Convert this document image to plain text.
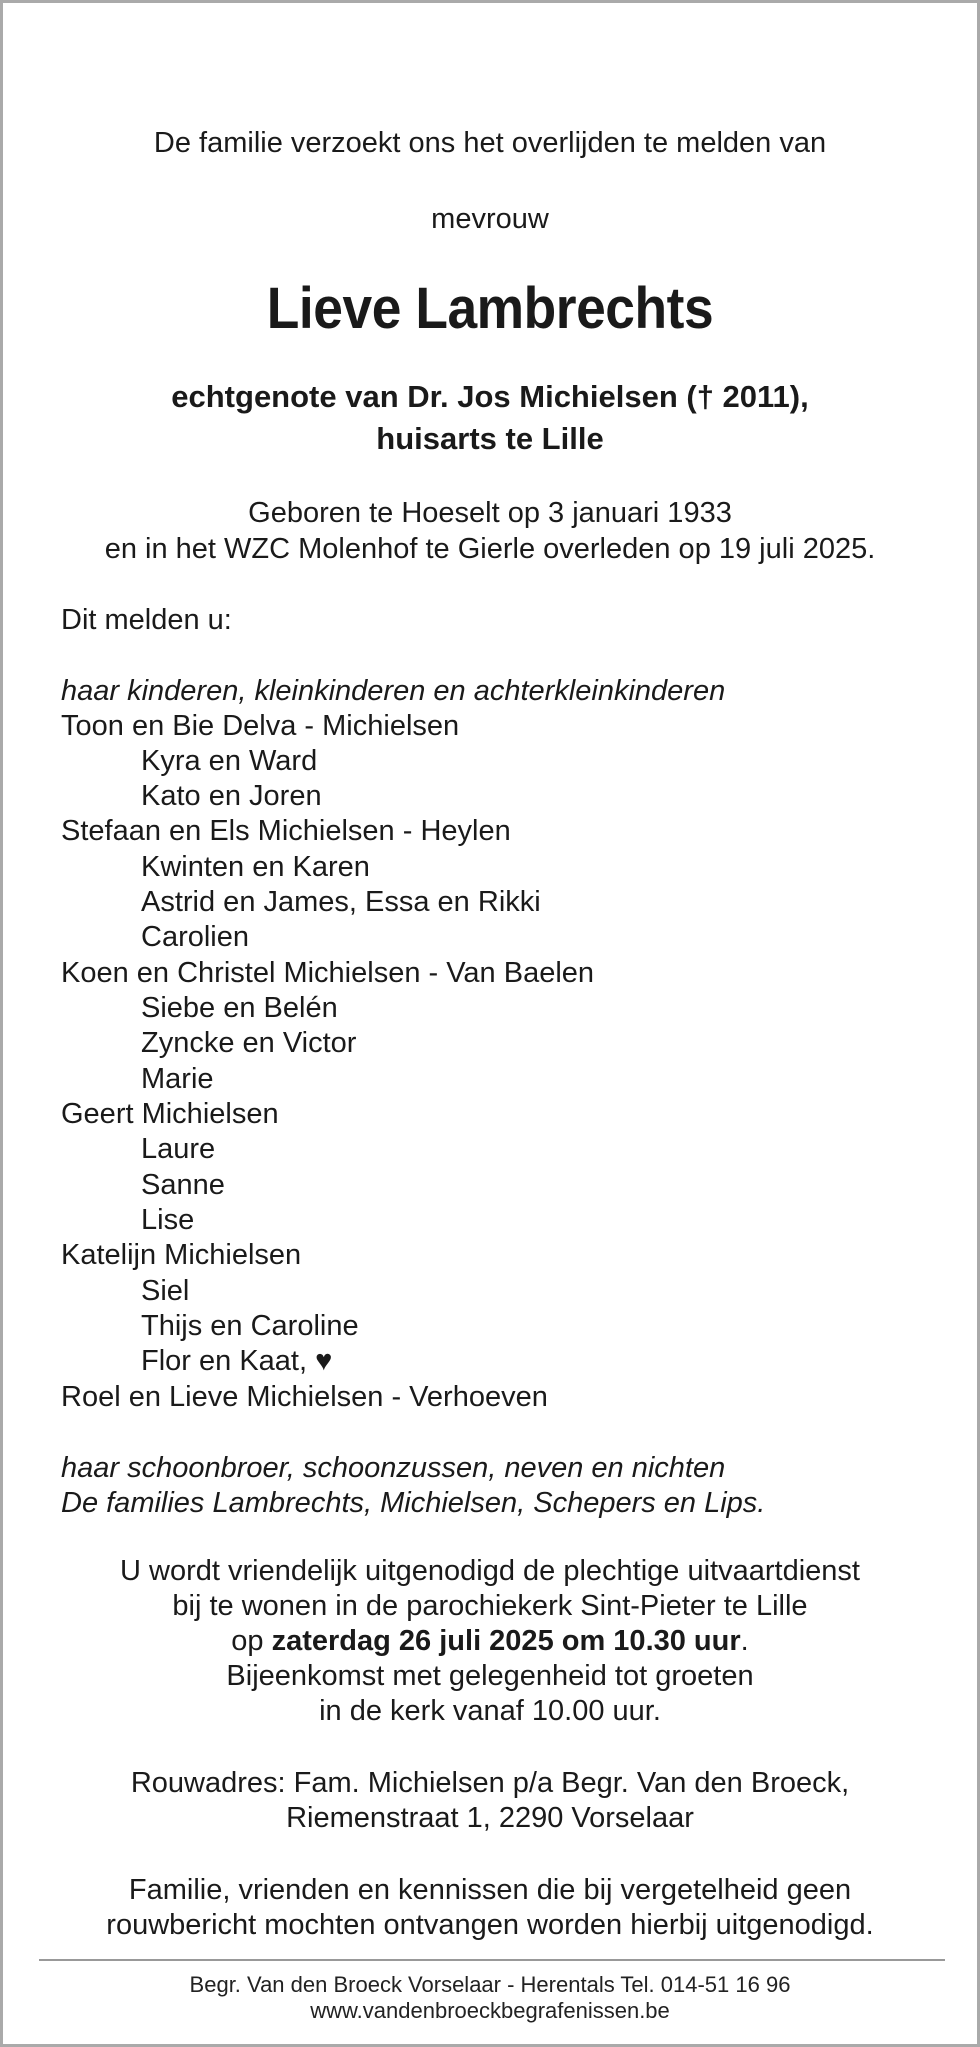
De familie verzoekt ons het overlijden te melden van
mevrouw
Lieve Lambrechts
echtgenote van Dr. Jos Michielsen († 2011),
huisarts te Lille
Geboren te Hoeselt op 3 januari 1933
en in het WZC Molenhof te Gierle overleden op 19 juli 2025.
Dit melden u:
haar kinderen, kleinkinderen en achterkleinkinderen
Toon en Bie Delva - Michielsen
Kyra en Ward
Kato en Joren
Stefaan en Els Michielsen - Heylen
Kwinten en Karen
Astrid en James, Essa en Rikki
Carolien
Koen en Christel Michielsen - Van Baelen
Siebe en Belén
Zyncke en Victor
Marie
Geert Michielsen
Laure
Sanne
Lise
Katelijn Michielsen
Siel
Thijs en Caroline
Flor en Kaat, ♥
Roel en Lieve Michielsen - Verhoeven
haar schoonbroer, schoonzussen, neven en nichten
De families Lambrechts, Michielsen, Schepers en Lips.
U wordt vriendelijk uitgenodigd de plechtige uitvaartdienst
bij te wonen in de parochiekerk Sint-Pieter te Lille
op zaterdag 26 juli 2025 om 10.30 uur.
Bijeenkomst met gelegenheid tot groeten
in de kerk vanaf 10.00 uur.
Rouwadres: Fam. Michielsen p/a Begr. Van den Broeck,
Riemenstraat 1, 2290 Vorselaar
Familie, vrienden en kennissen die bij vergetelheid geen
rouwbericht mochten ontvangen worden hierbij uitgenodigd.
Begr. Van den Broeck Vorselaar - Herentals Tel. 014-51 16 96
www.vandenbroeckbegrafenissen.be
